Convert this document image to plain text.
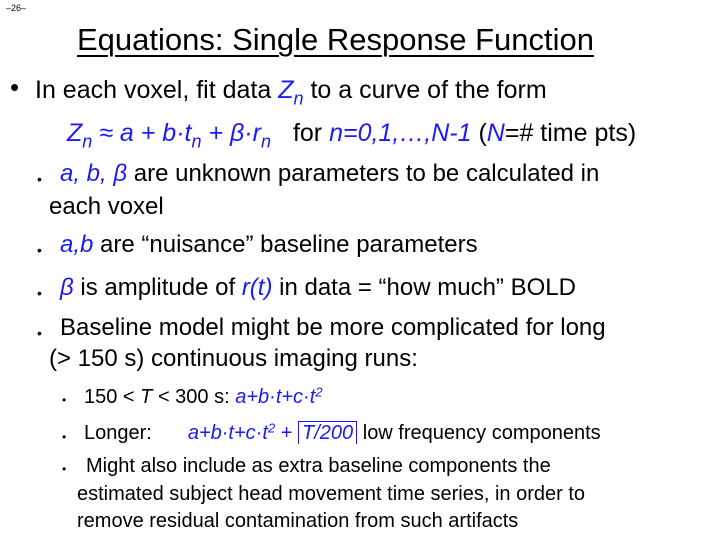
–26–
Equations: Single Response Function
• In each voxel, fit data $Z_n$ to a curve of the form
$Z_n \approx a + b\cdot t_n + \beta\cdot r_n$ for n=0,1,…,N-1 (N=# time pts)
• a, b, β are unknown parameters to be calculated in
each voxel
• a,b are “nuisance” baseline parameters
• β is amplitude of r(t) in data = “how much” BOLD
• Baseline model might be more complicated for long
(> 150 s) continuous imaging runs:
• 150 < T < 300 s: $a+b\cdot t+c\cdot t^2$
• Longer: $a+b\cdot t+c\cdot t^2 + T/200$ low frequency components
• Might also include as extra baseline components the
estimated subject head movement time series, in order to
remove residual contamination from such artifacts
